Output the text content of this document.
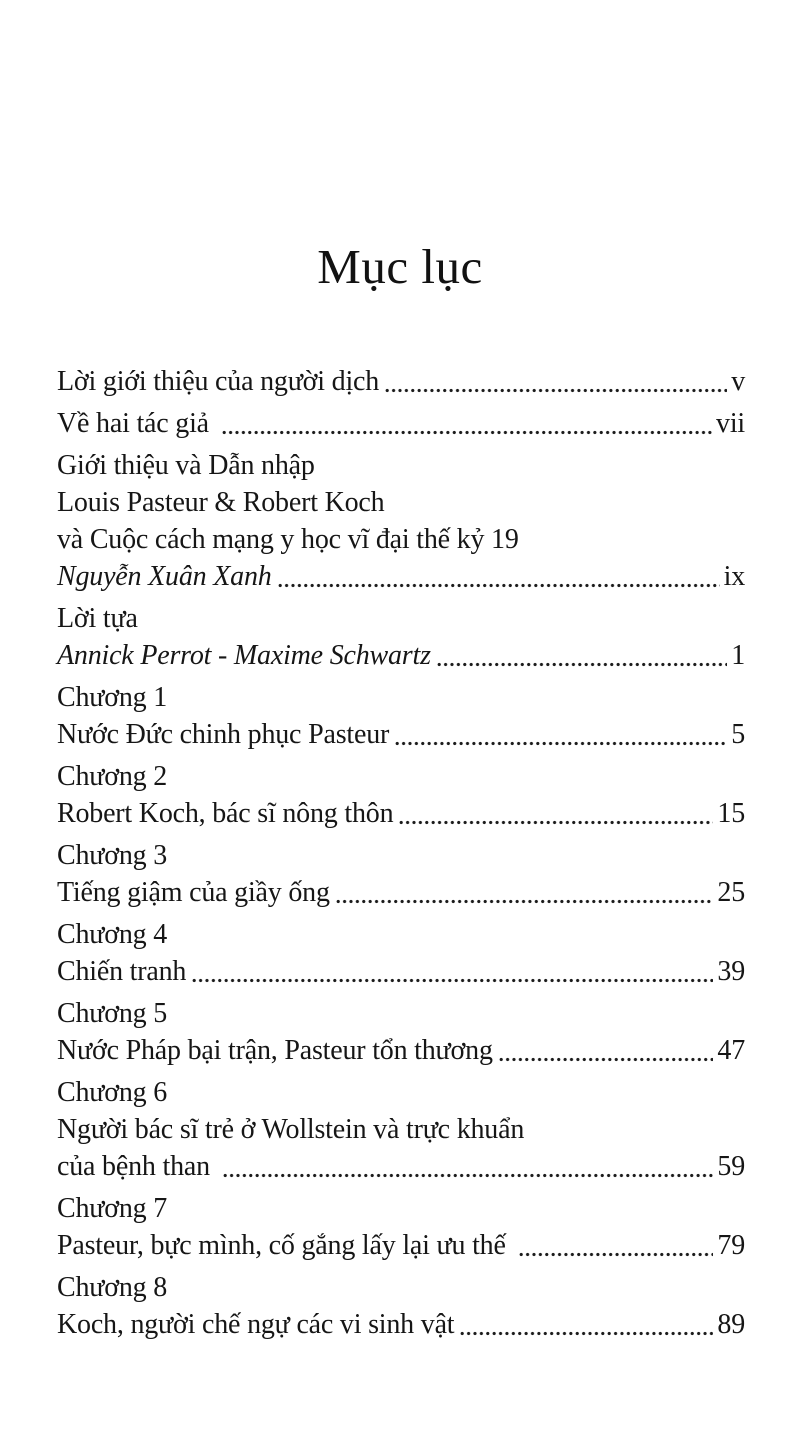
Mục lục
Lời giới thiệu của người dịch	v
Về hai tác giả	vii
Giới thiệu và Dẫn nhập
Louis Pasteur & Robert Koch
và Cuộc cách mạng y học vĩ đại thế kỷ 19
Nguyễn Xuân Xanh	ix
Lời tựa
Annick Perrot - Maxime Schwartz	1
Chương 1
Nước Đức chinh phục Pasteur	5
Chương 2
Robert Koch, bác sĩ nông thôn	15
Chương 3
Tiếng giậm của giầy ống	25
Chương 4
Chiến tranh	39
Chương 5
Nước Pháp bại trận, Pasteur tổn thương	47
Chương 6
Người bác sĩ trẻ ở Wollstein và trực khuẩn
của bệnh than	59
Chương 7
Pasteur, bực mình, cố gắng lấy lại ưu thế	79
Chương 8
Koch, người chế ngự các vi sinh vật	89
